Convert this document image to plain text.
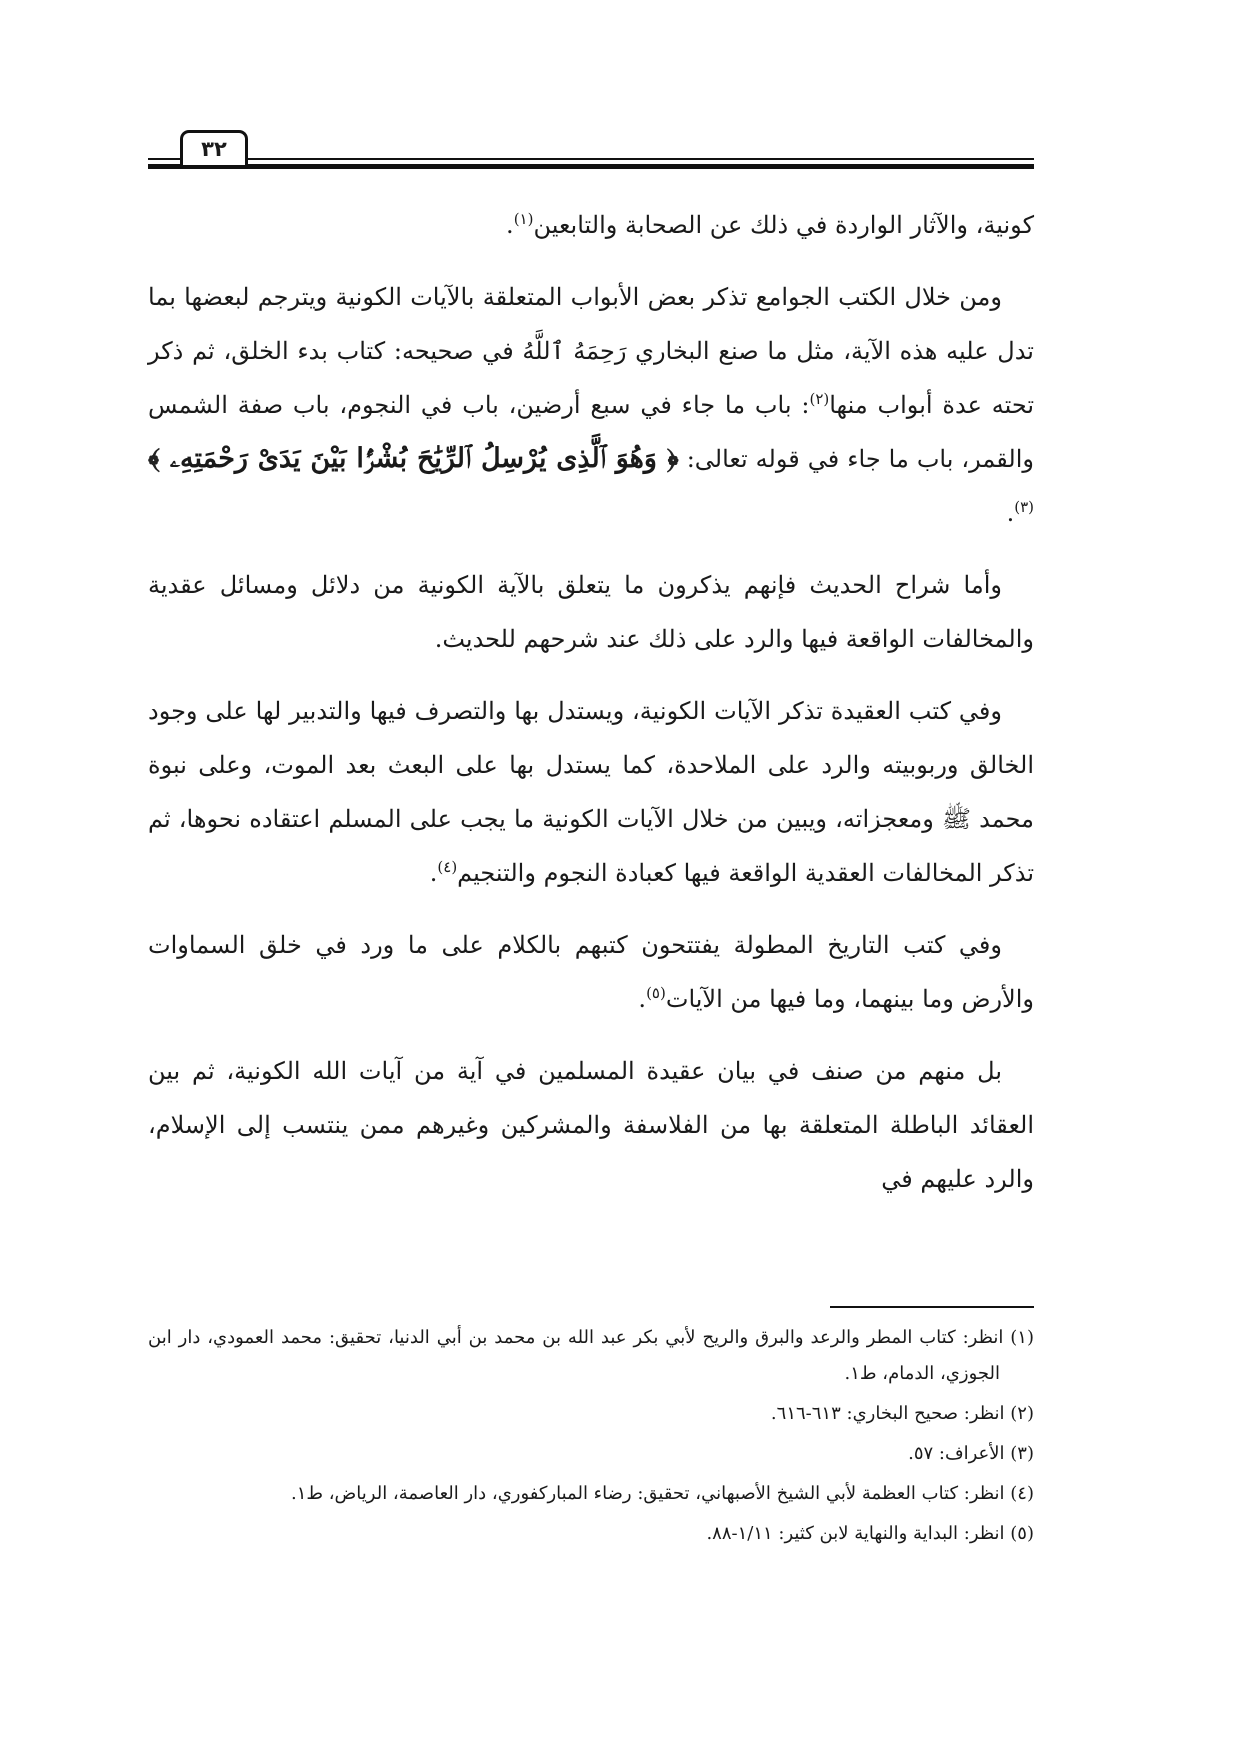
٣٢

كونية، والآثار الواردة في ذلك عن الصحابة والتابعين$^{(١)}$.

ومن خلال الكتب الجوامع تذكر بعض الأبواب المتعلقة بالآيات الكونية ويترجم لبعضها بما تدل عليه هذه الآية، مثل ما صنع البخاري رَحِمَهُ ٱللَّهُ في صحيحه: كتاب بدء الخلق، ثم ذكر تحته عدة أبواب منها$^{(٢)}$: باب ما جاء في سبع أرضين، باب في النجوم، باب صفة الشمس والقمر، باب ما جاء في قوله تعالى: ﴿ وَهُوَ ٱلَّذِى يُرْسِلُ ٱلرِّيَٰحَ بُشْرًۢا بَيْنَ يَدَىْ رَحْمَتِهِۦ ﴾$^{(٣)}$.

وأما شراح الحديث فإنهم يذكرون ما يتعلق بالآية الكونية من دلائل ومسائل عقدية والمخالفات الواقعة فيها والرد على ذلك عند شرحهم للحديث.

وفي كتب العقيدة تذكر الآيات الكونية، ويستدل بها والتصرف فيها والتدبير لها على وجود الخالق وربوبيته والرد على الملاحدة، كما يستدل بها على البعث بعد الموت، وعلى نبوة محمد ﷺ ومعجزاته، ويبين من خلال الآيات الكونية ما يجب على المسلم اعتقاده نحوها، ثم تذكر المخالفات العقدية الواقعة فيها كعبادة النجوم والتنجيم$^{(٤)}$.

وفي كتب التاريخ المطولة يفتتحون كتبهم بالكلام على ما ورد في خلق السماوات والأرض وما بينهما، وما فيها من الآيات$^{(٥)}$.

بل منهم من صنف في بيان عقيدة المسلمين في آية من آيات الله الكونية، ثم بين العقائد الباطلة المتعلقة بها من الفلاسفة والمشركين وغيرهم ممن ينتسب إلى الإسلام، والرد عليهم في

(١) انظر: كتاب المطر والرعد والبرق والريح لأبي بكر عبد الله بن محمد بن أبي الدنيا، تحقيق: محمد العمودي، دار ابن الجوزي، الدمام، ط١.

(٢) انظر: صحيح البخاري: ٦١٣-٦١٦.

(٣) الأعراف: ٥٧.

(٤) انظر: كتاب العظمة لأبي الشيخ الأصبهاني، تحقيق: رضاء المباركفوري، دار العاصمة، الرياض، ط١.

(٥) انظر: البداية والنهاية لابن كثير: ١/١١-٨٨.
